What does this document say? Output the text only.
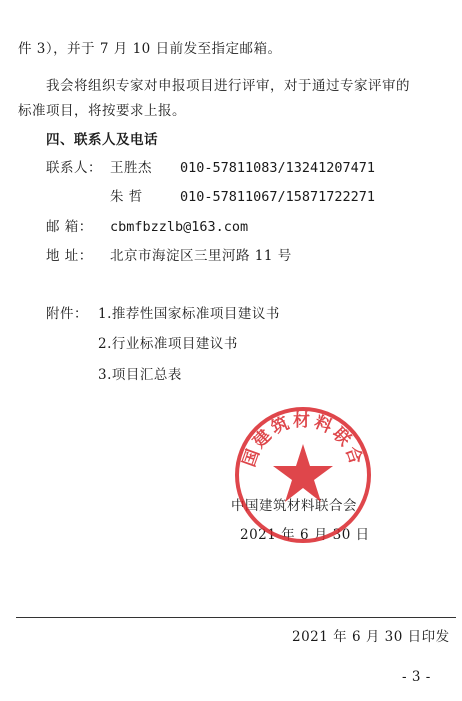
件 3），并于 7 月 10 日前发至指定邮箱。
我会将组织专家对申报项目进行评审，对于通过专家评审的
标准项目，将按要求上报。
四、联系人及电话
联系人： 王胜杰 010-57811083/13241207471
朱 哲	010-57811067/15871722271
邮 箱： cbmfbzzlb@163.com
地 址： 北京市海淀区三里河路 11 号
附件： 1.推荐性国家标准项目建议书
2.行业标准项目建议书
3.项目汇总表
中国建筑材料联合会
2021 年 6 月 30 日
国建筑材料联合
2021 年 6 月 30 日印发
- 3 -
